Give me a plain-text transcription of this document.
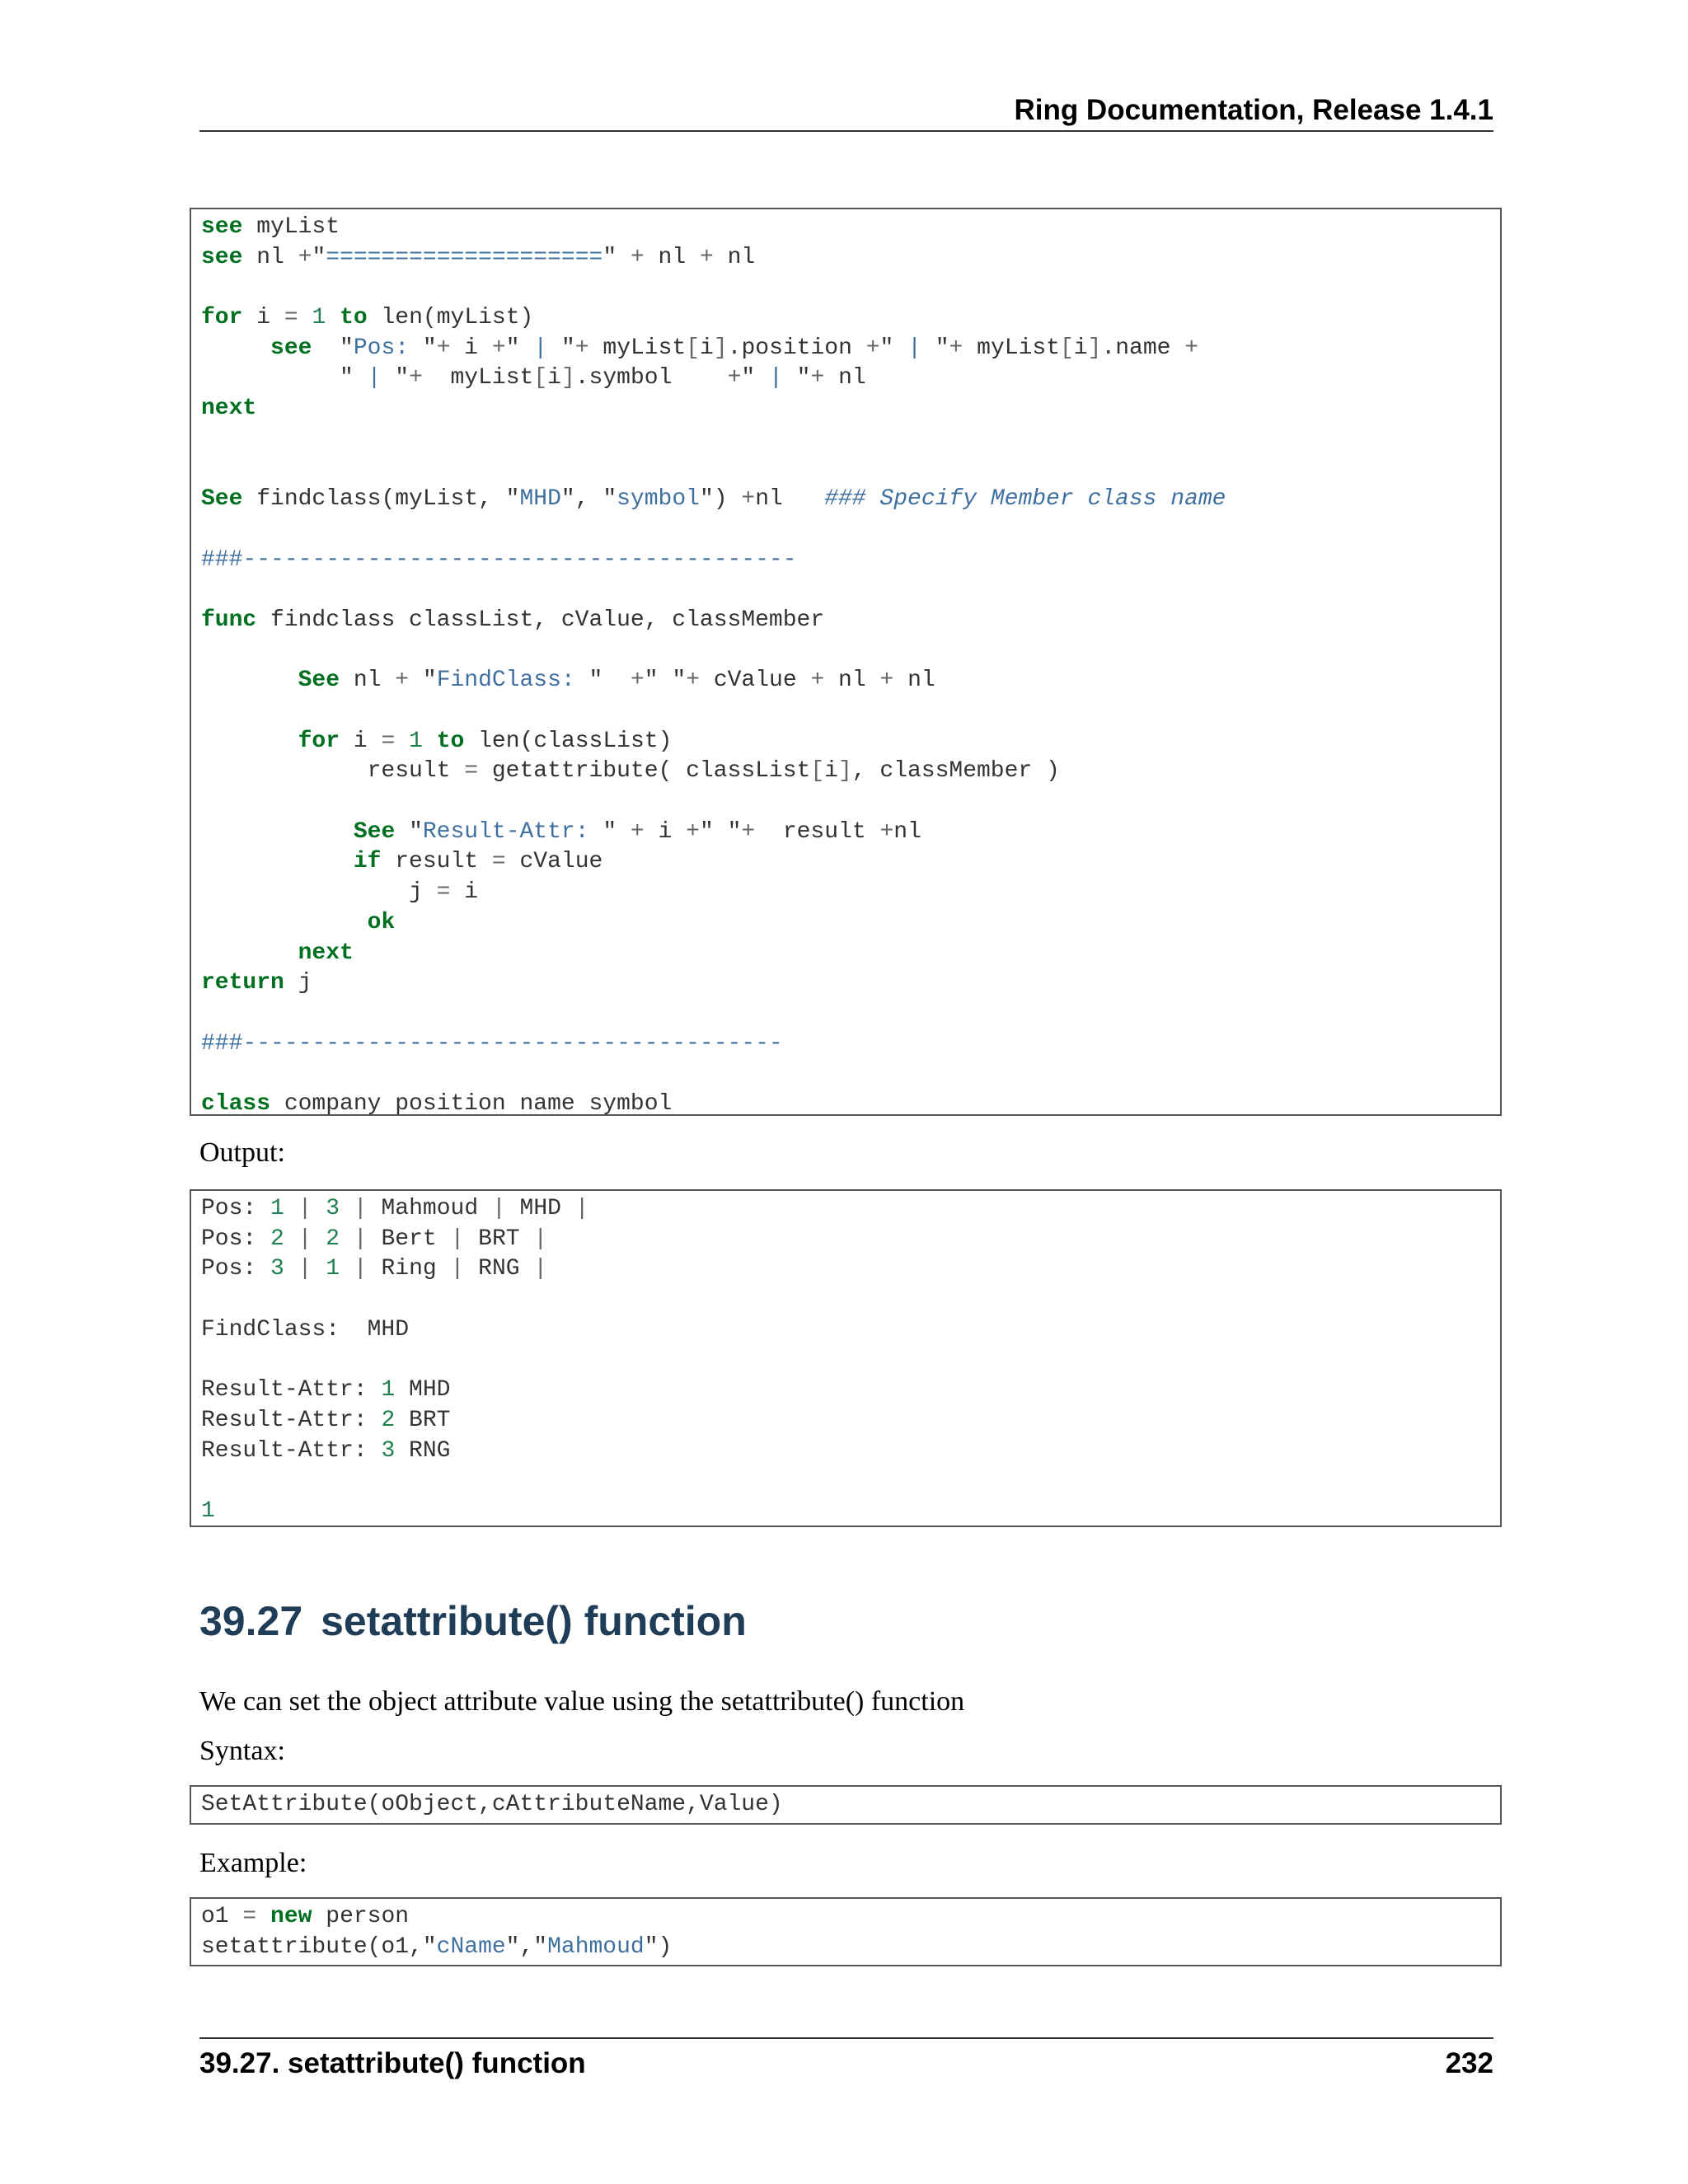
Ring Documentation, Release 1.4.1
see myList
see nl +"====================" + nl + nl

for i = 1 to len(myList)
see  "Pos: "+ i +" | "+ myList[i].position +" | "+ myList[i].name +
" | "+  myList[i].symbol    +" | "+ nl
next

See findclass(myList, "MHD", "symbol") +nl   ### Specify Member class name

###----------------------------------------

func findclass classList, cValue, classMember

See nl + "FindClass: "  +" "+ cValue + nl + nl

for i = 1 to len(classList)
result = getattribute( classList[i], classMember )

See "Result-Attr: " + i +" "+  result +nl
if result = cValue
j = i
ok
next
return j

###---------------------------------------

class company position name symbol
Output:
Pos: 1 | 3 | Mahmoud | MHD |
Pos: 2 | 2 | Bert | BRT |
Pos: 3 | 1 | Ring | RNG |

FindClass:  MHD

Result-Attr: 1 MHD
Result-Attr: 2 BRT
Result-Attr: 3 RNG

1
39.27 setattribute() function
We can set the object attribute value using the setattribute() function
Syntax:
SetAttribute(oObject,cAttributeName,Value)
Example:
o1 = new person
setattribute(o1,"cName","Mahmoud")
39.27. setattribute() function	232
